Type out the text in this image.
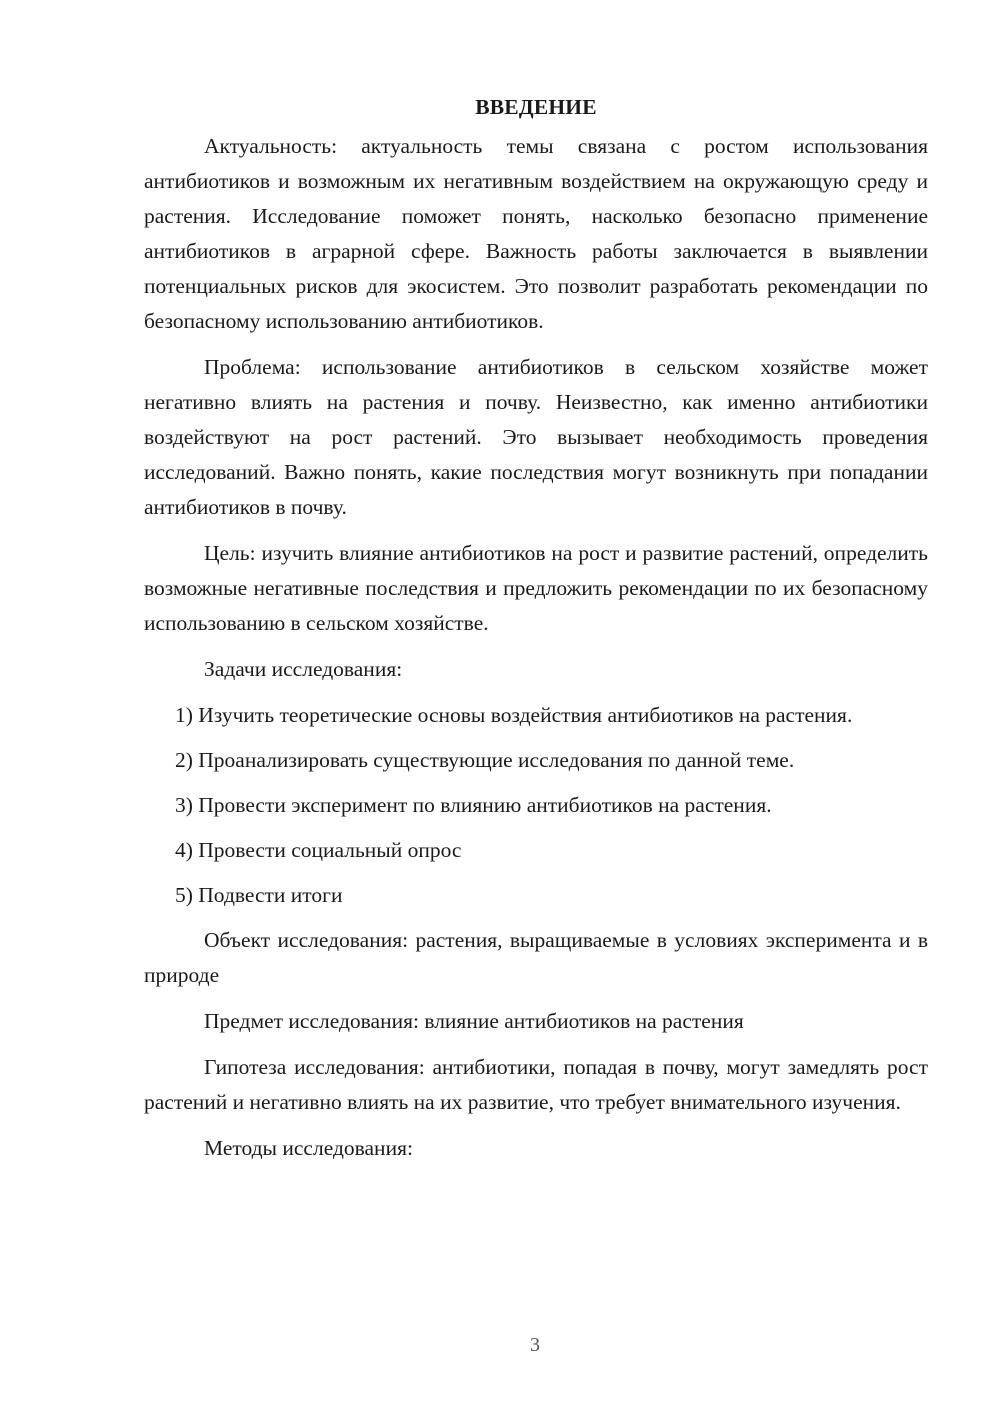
ВВЕДЕНИЕ

Актуальность: актуальность темы связана с ростом использования антибиотиков и возможным их негативным воздействием на окружающую среду и растения. Исследование поможет понять, насколько безопасно применение антибиотиков в аграрной сфере. Важность работы заключается в выявлении потенциальных рисков для экосистем. Это позволит разработать рекомендации по безопасному использованию антибиотиков.

Проблема: использование антибиотиков в сельском хозяйстве может негативно влиять на растения и почву. Неизвестно, как именно антибиотики воздействуют на рост растений. Это вызывает необходимость проведения исследований. Важно понять, какие последствия могут возникнуть при попадании антибиотиков в почву.

Цель: изучить влияние антибиотиков на рост и развитие растений, определить возможные негативные последствия и предложить рекомендации по их безопасному использованию в сельском хозяйстве.

Задачи исследования:

1) Изучить теоретические основы воздействия антибиотиков на растения.

2) Проанализировать существующие исследования по данной теме.

3) Провести эксперимент по влиянию антибиотиков на растения.

4) Провести социальный опрос

5) Подвести итоги

Объект исследования: растения, выращиваемые в условиях эксперимента и в природе

Предмет исследования: влияние антибиотиков на растения

Гипотеза исследования: антибиотики, попадая в почву, могут замедлять рост растений и негативно влиять на их развитие, что требует внимательного изучения.

Методы исследования:

3
